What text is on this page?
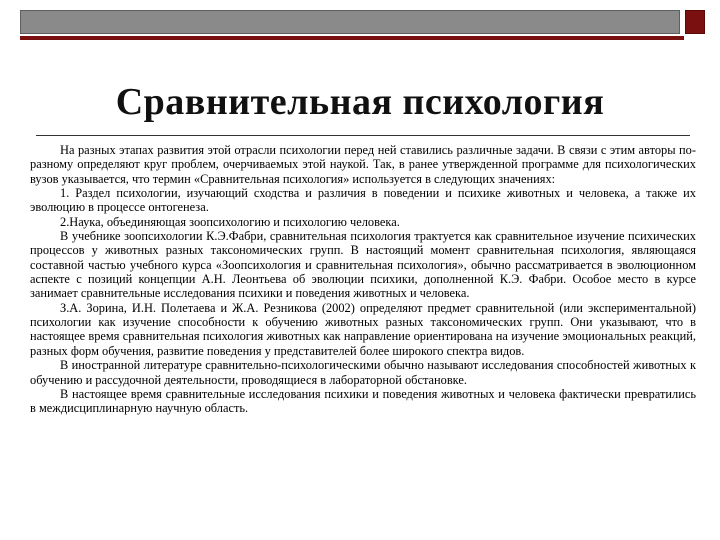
Сравнительная психология

На разных этапах развития этой отрасли психологии перед ней ставились различные задачи. В связи с этим авторы по-разному определяют круг проблем, очерчиваемых этой наукой. Так, в ранее утвержденной программе для психологических вузов указывается, что термин «Сравнительная психология» используется в следующих значениях:

1. Раздел психологии, изучающий сходства и различия в поведении и психике животных и человека, а также их эволюцию в процессе онтогенеза.

2.Наука, объединяющая зоопсихологию и психологию человека.

В учебнике зоопсихологии К.Э.Фабри, сравнительная психология трактуется как сравнительное изучение психических процессов у животных разных таксономических групп. В настоящий момент сравнительная психология, являющаяся составной частью учебного курса «Зоопсихология и сравнительная психология», обычно рассматривается в эволюционном аспекте с позиций концепции А.Н. Леонтьева об эволюции психики, дополненной К.Э. Фабри. Особое место в курсе занимает сравнительные исследования психики и поведения животных и человека.

З.А. Зорина, И.Н. Полетаева и Ж.А. Резникова (2002) определяют предмет сравнительной (или экспериментальной) психологии как изучение способности к обучению животных разных таксономических групп. Они указывают, что в настоящее время сравнительная психология животных как направление ориентирована на изучение эмоциональных реакций, разных форм обучения, развитие поведения у представителей более широкого спектра видов.

В иностранной литературе сравнительно-психологическими обычно называют исследования способностей животных к обучению и рассудочной деятельности, проводящиеся в лабораторной обстановке.

В настоящее время сравнительные исследования психики и поведения животных и человека фактически превратились в междисциплинарную научную область.
